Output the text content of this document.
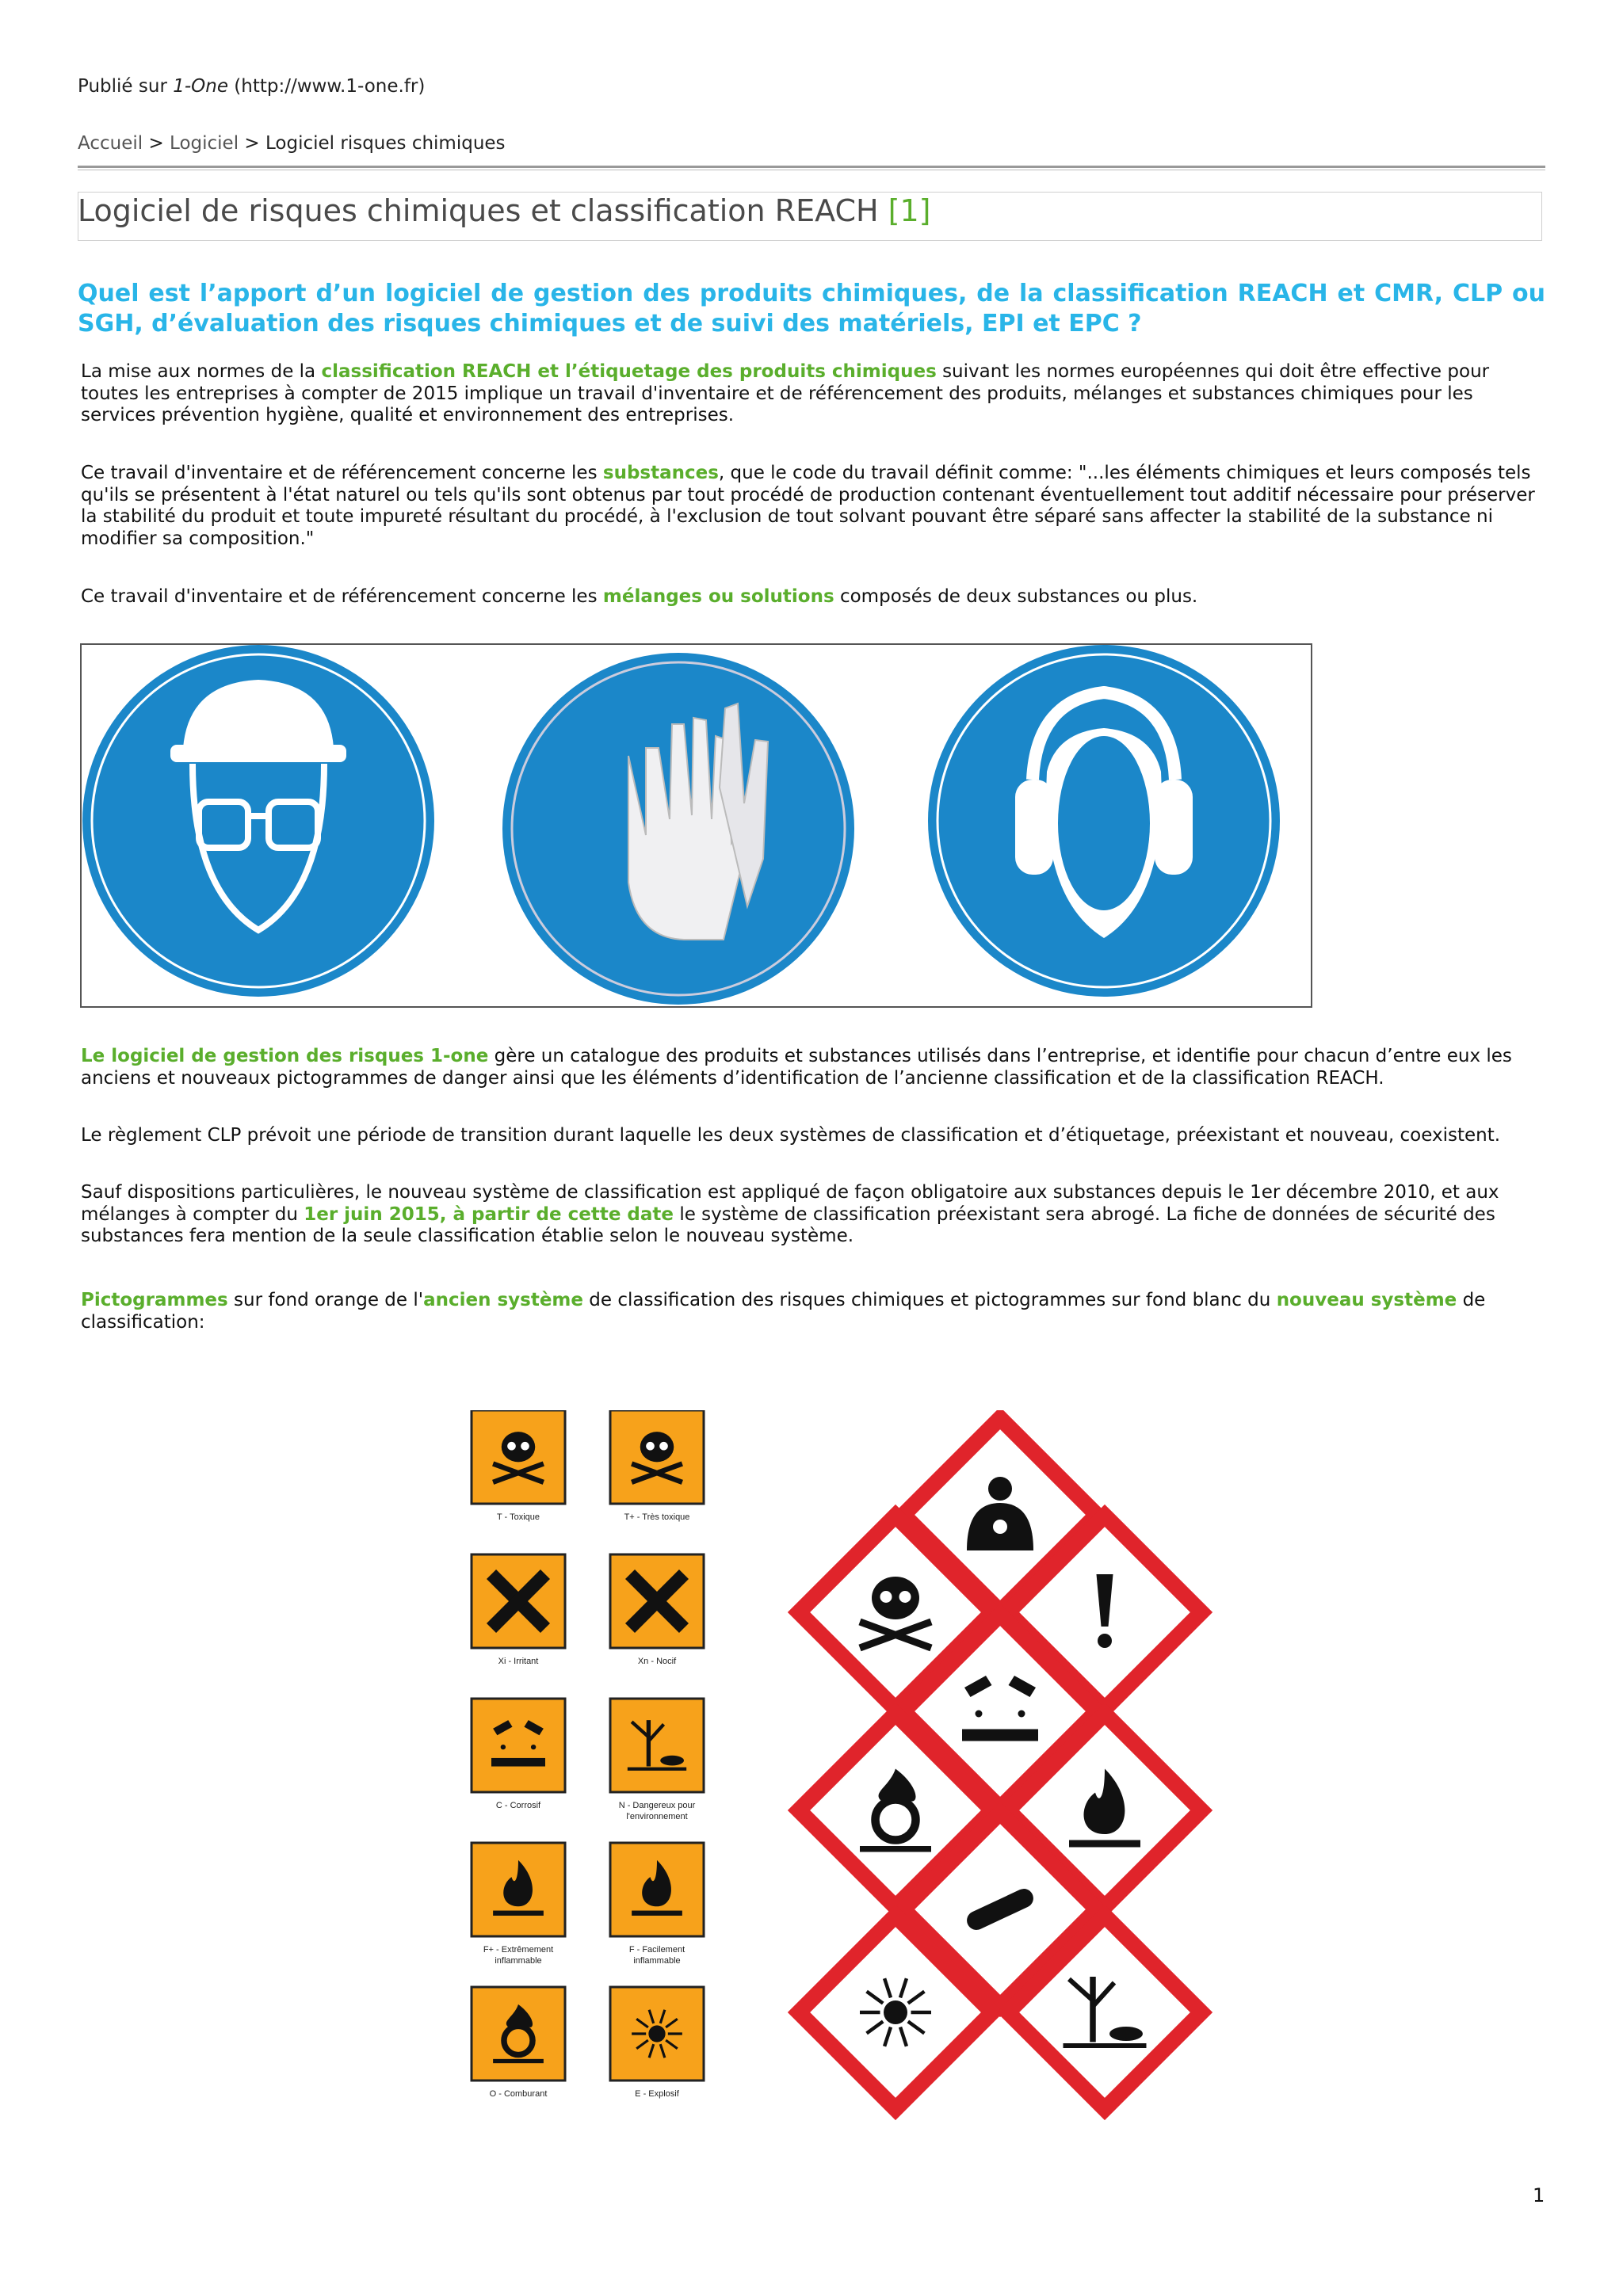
Publié sur 1-One (http://www.1-one.fr)
Accueil > Logiciel > Logiciel risques chimiques
Logiciel de risques chimiques et classification REACH [1]
Quel est l’apport d’un logiciel de gestion des produits chimiques, de la classification REACH et CMR, CLP ou SGH, d’évaluation des risques chimiques et de suivi des matériels, EPI et EPC ?
La mise aux normes de la classification REACH et l’étiquetage des produits chimiques suivant les normes européennes qui doit être effective pour toutes les entreprises à compter de 2015 implique un travail d'inventaire et de référencement des produits, mélanges et substances chimiques pour les services prévention hygiène, qualité et environnement des entreprises.
Ce travail d'inventaire et de référencement concerne les substances, que le code du travail définit comme: "...les éléments chimiques et leurs composés tels qu'ils se présentent à l'état naturel ou tels qu'ils sont obtenus par tout procédé de production contenant éventuellement tout additif nécessaire pour préserver la stabilité du produit et toute impureté résultant du procédé, à l'exclusion de tout solvant pouvant être séparé sans affecter la stabilité de la substance ni modifier sa composition."
Ce travail d'inventaire et de référencement concerne les mélanges ou solutions composés de deux substances ou plus.
Le logiciel de gestion des risques 1-one gère un catalogue des produits et substances utilisés dans l’entreprise, et identifie pour chacun d’entre eux les anciens et nouveaux pictogrammes de danger ainsi que les éléments d’identification de l’ancienne classification et de la classification REACH.
Le règlement CLP prévoit une période de transition durant laquelle les deux systèmes de classification et d’étiquetage, préexistant et nouveau, coexistent.
Sauf dispositions particulières, le nouveau système de classification est appliqué de façon obligatoire aux substances depuis le 1er décembre 2010, et aux mélanges à compter du 1er juin 2015, à partir de cette date le système de classification préexistant sera abrogé. La fiche de données de sécurité des substances fera mention de la seule classification établie selon le nouveau système.
Pictogrammes sur fond orange de l'ancien système de classification des risques chimiques et pictogrammes sur fond blanc du nouveau système de classification:
T - Toxique	T+ - Très toxique
Xi - Irritant	Xn - Nocif
C - Corrosif	N - Dangereux pour
l'environnement
F+ - Extrêmement
inflammable
F - Facilement
inflammable
O - Comburant	E - Explosif
1
